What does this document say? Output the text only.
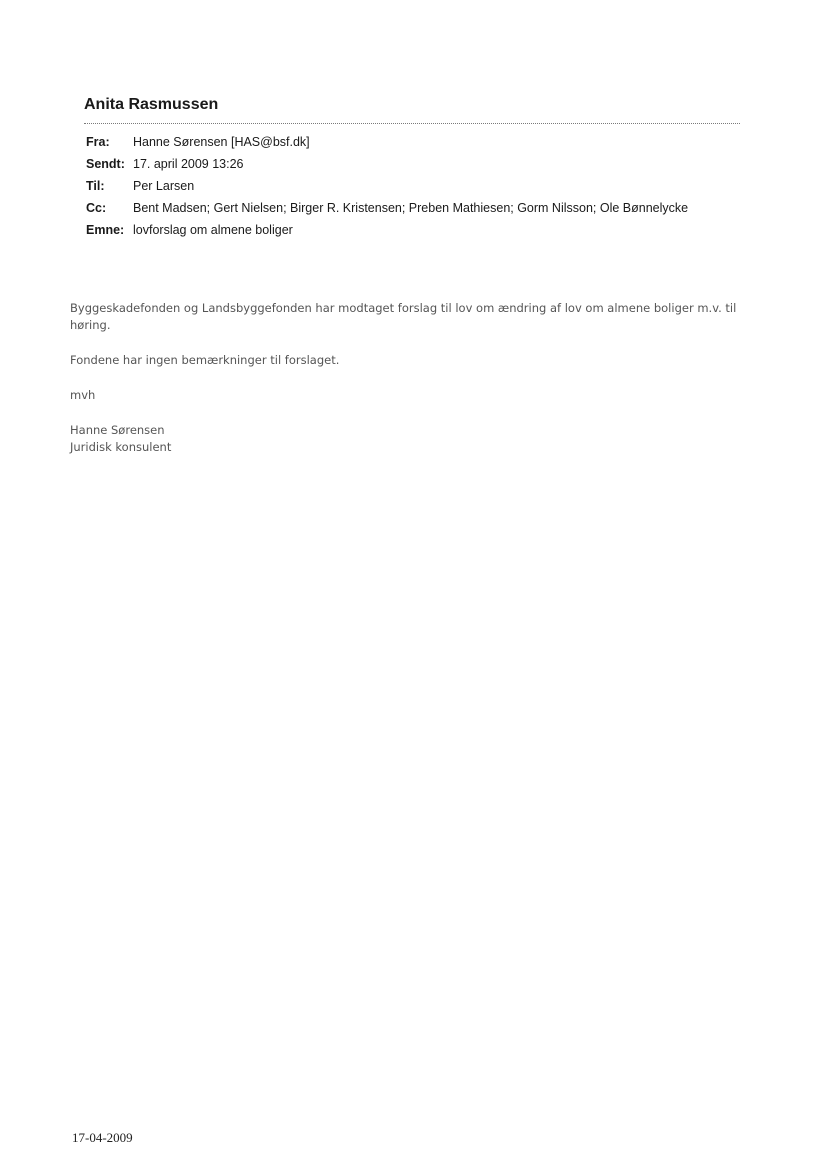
Anita Rasmussen
Fra:	Hanne Sørensen [HAS@bsf.dk]
Sendt:	17. april 2009 13:26
Til:	Per Larsen
Cc:	Bent Madsen; Gert Nielsen; Birger R. Kristensen; Preben Mathiesen; Gorm Nilsson; Ole Bønnelycke
Emne:	lovforslag om almene boliger

Byggeskadefonden og Landsbyggefonden har modtaget forslag til lov om ændring af lov om almene boliger m.v. til høring.

Fondene har ingen bemærkninger til forslaget.

mvh

Hanne Sørensen
Juridisk konsulent
17-04-2009
